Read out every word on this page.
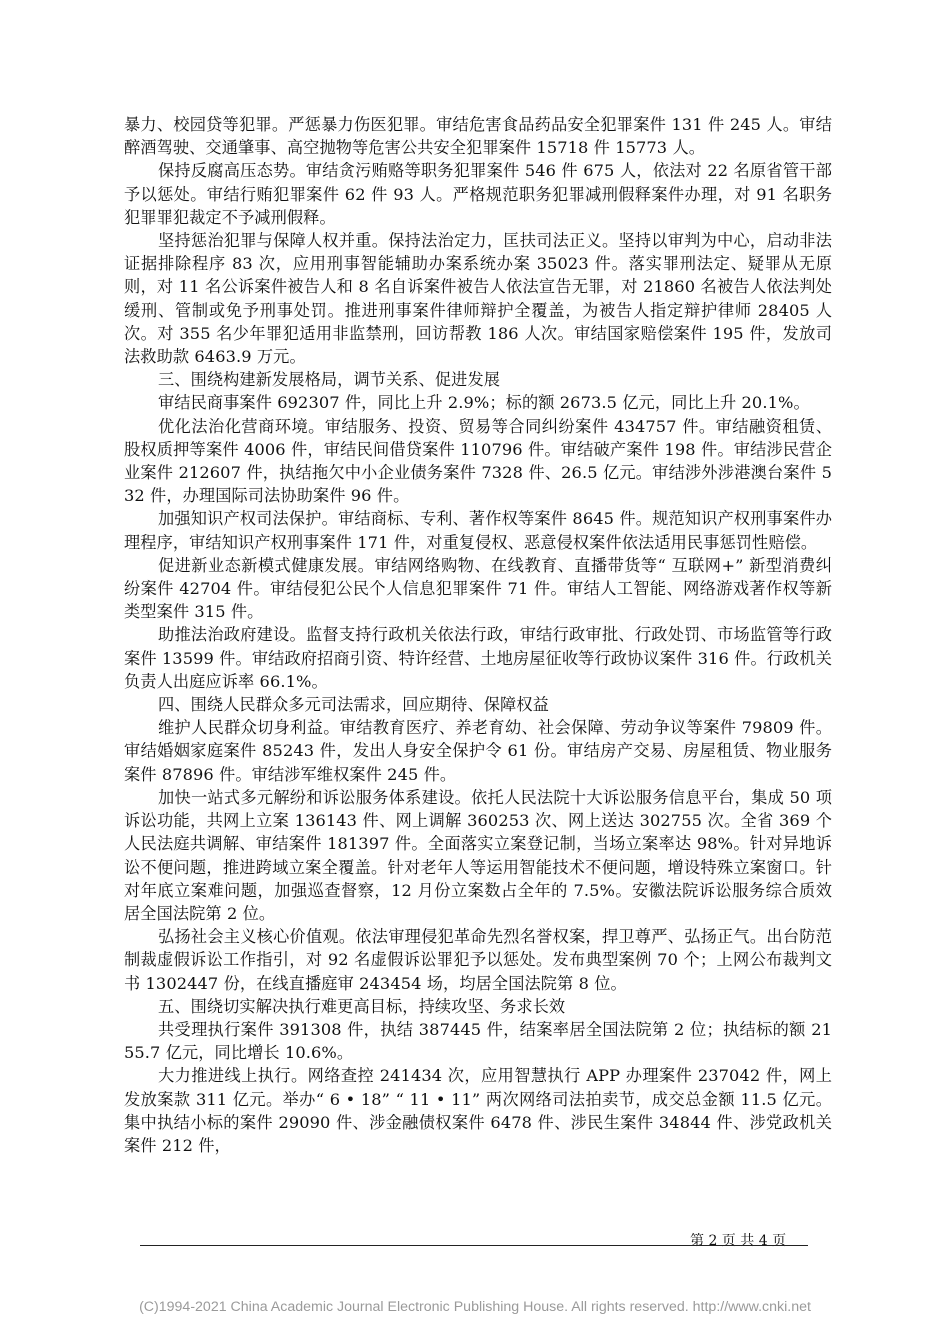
暴力、校园贷等犯罪。严惩暴力伤医犯罪。审结危害食品药品安全犯罪案件 131 件 245 人。审结醉酒驾驶、交通肇事、高空抛物等危害公共安全犯罪案件 15718 件 15773 人。

保持反腐高压态势。审结贪污贿赂等职务犯罪案件 546 件 675 人，依法对 22 名原省管干部予以惩处。审结行贿犯罪案件 62 件 93 人。严格规范职务犯罪减刑假释案件办理，对 91 名职务犯罪罪犯裁定不予减刑假释。

坚持惩治犯罪与保障人权并重。保持法治定力，匡扶司法正义。坚持以审判为中心，启动非法证据排除程序 83 次，应用刑事智能辅助办案系统办案 35023 件。落实罪刑法定、疑罪从无原则，对 11 名公诉案件被告人和 8 名自诉案件被告人依法宣告无罪，对 21860 名被告人依法判处缓刑、管制或免予刑事处罚。推进刑事案件律师辩护全覆盖，为被告人指定辩护律师 28405 人次。对 355 名少年罪犯适用非监禁刑，回访帮教 186 人次。审结国家赔偿案件 195 件，发放司法救助款 6463.9 万元。

三、围绕构建新发展格局，调节关系、促进发展

审结民商事案件 692307 件，同比上升 2.9%；标的额 2673.5 亿元，同比上升 20.1%。

优化法治化营商环境。审结服务、投资、贸易等合同纠纷案件 434757 件。审结融资租赁、股权质押等案件 4006 件，审结民间借贷案件 110796 件。审结破产案件 198 件。审结涉民营企业案件 212607 件，执结拖欠中小企业债务案件 7328 件、26.5 亿元。审结涉外涉港澳台案件 532 件，办理国际司法协助案件 96 件。

加强知识产权司法保护。审结商标、专利、著作权等案件 8645 件。规范知识产权刑事案件办理程序，审结知识产权刑事案件 171 件，对重复侵权、恶意侵权案件依法适用民事惩罚性赔偿。

促进新业态新模式健康发展。审结网络购物、在线教育、直播带货等“ 互联网+” 新型消费纠纷案件 42704 件。审结侵犯公民个人信息犯罪案件 71 件。审结人工智能、网络游戏著作权等新类型案件 315 件。

助推法治政府建设。监督支持行政机关依法行政，审结行政审批、行政处罚、市场监管等行政案件 13599 件。审结政府招商引资、特许经营、土地房屋征收等行政协议案件 316 件。行政机关负责人出庭应诉率 66.1%。

四、围绕人民群众多元司法需求，回应期待、保障权益

维护人民群众切身利益。审结教育医疗、养老育幼、社会保障、劳动争议等案件 79809 件。审结婚姻家庭案件 85243 件，发出人身安全保护令 61 份。审结房产交易、房屋租赁、物业服务案件 87896 件。审结涉军维权案件 245 件。

加快一站式多元解纷和诉讼服务体系建设。依托人民法院十大诉讼服务信息平台，集成 50 项诉讼功能，共网上立案 136143 件、网上调解 360253 次、网上送达 302755 次。全省 369 个人民法庭共调解、审结案件 181397 件。全面落实立案登记制，当场立案率达 98%。针对异地诉讼不便问题，推进跨域立案全覆盖。针对老年人等运用智能技术不便问题，增设特殊立案窗口。针对年底立案难问题，加强巡查督察，12 月份立案数占全年的 7.5%。安徽法院诉讼服务综合质效居全国法院第 2 位。

弘扬社会主义核心价值观。依法审理侵犯革命先烈名誉权案，捍卫尊严、弘扬正气。出台防范制裁虚假诉讼工作指引，对 92 名虚假诉讼罪犯予以惩处。发布典型案例 70 个；上网公布裁判文书 1302447 份，在线直播庭审 243454 场，均居全国法院第 8 位。

五、围绕切实解决执行难更高目标，持续攻坚、务求长效

共受理执行案件 391308 件，执结 387445 件，结案率居全国法院第 2 位；执结标的额 2155.7 亿元，同比增长 10.6%。

大力推进线上执行。网络查控 241434 次，应用智慧执行 APP 办理案件 237042 件，网上发放案款 311 亿元。举办“ 6 • 18” “ 11 • 11” 两次网络司法拍卖节，成交总金额 11.5 亿元。集中执结小标的案件 29090 件、涉金融债权案件 6478 件、涉民生案件 34844 件、涉党政机关案件 212 件，

第 2 页 共 4 页
(C)1994-2021 China Academic Journal Electronic Publishing House. All rights reserved. http://www.cnki.net
